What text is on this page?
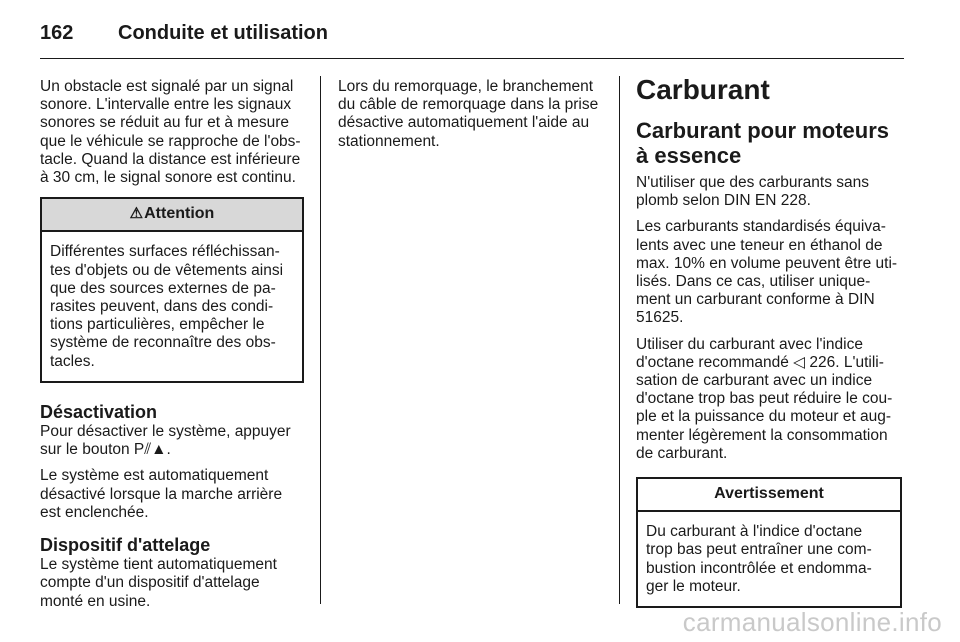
162	Conduite et utilisation

Un obstacle est signalé par un signal sonore. L'intervalle entre les signaux sonores se réduit au fur et à mesure que le véhicule se rapproche de l'obs-tacle. Quand la distance est inférieure à 30 cm, le signal sonore est continu.

⚠Attention
Différentes surfaces réfléchissan-tes d'objets ou de vêtements ainsi que des sources externes de pa-rasites peuvent, dans des condi-tions particulières, empêcher le système de reconnaître des obs-tacles.
Désactivation

Pour désactiver le système, appuyer sur le bouton P⫽▲.

Le système est automatiquement désactivé lorsque la marche arrière est enclenchée.

Dispositif d'attelage

Le système tient automatiquement compte d'un dispositif d'attelage monté en usine.

Lors du remorquage, le branchement du câble de remorquage dans la prise désactive automatiquement l'aide au stationnement.

Carburant
Carburant pour moteurs à essence

N'utiliser que des carburants sans plomb selon DIN EN 228.

Les carburants standardisés équiva-lents avec une teneur en éthanol de max. 10% en volume peuvent être uti-lisés. Dans ce cas, utiliser unique-ment un carburant conforme à DIN 51625.

Utiliser du carburant avec l'indice d'octane recommandé ◁ 226. L'utili-sation de carburant avec un indice d'octane trop bas peut réduire le cou-ple et la puissance du moteur et aug-menter légèrement la consommation de carburant.

Avertissement
Du carburant à l'indice d'octane trop bas peut entraîner une com-bustion incontrôlée et endomma-ger le moteur.
carmanualsonline.info
